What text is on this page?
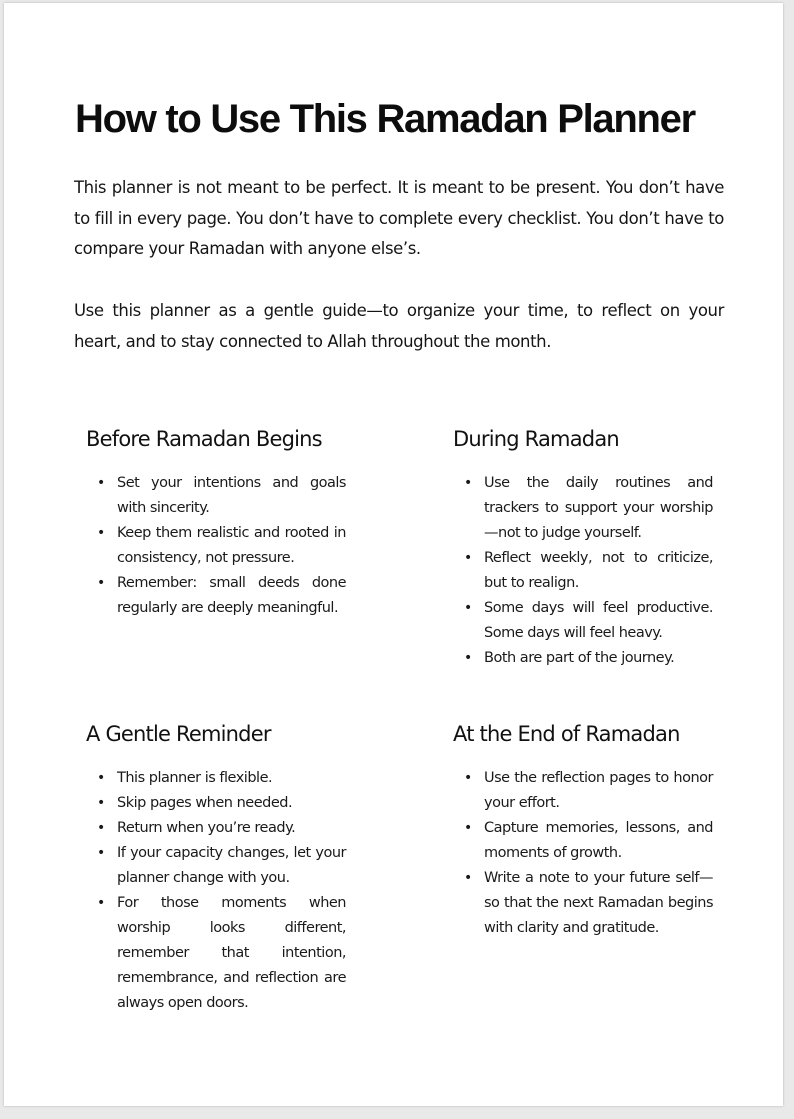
How to Use This Ramadan Planner

This planner is not meant to be perfect. It is meant to be present. You don’t have to fill in every page. You don’t have to complete every checklist. You don’t have to compare your Ramadan with anyone else’s.

Use this planner as a gentle guide—to organize your time, to reflect on your heart, and to stay connected to Allah throughout the month.

Before Ramadan Begins
• Set your intentions and goals with sincerity.
• Keep them realistic and rooted in consistency, not pressure.
• Remember: small deeds done regularly are deeply meaningful.
During Ramadan
• Use the daily routines and trackers to support your worship—not to judge yourself.
• Reflect weekly, not to criticize, but to realign.
• Some days will feel productive. Some days will feel heavy.
• Both are part of the journey.
A Gentle Reminder
• This planner is flexible.
• Skip pages when needed.
• Return when you’re ready.
• If your capacity changes, let your planner change with you.
• For those moments when worship looks different, remember that intention, remembrance, and reflection are always open doors.
At the End of Ramadan
• Use the reflection pages to honor your effort.
• Capture memories, lessons, and moments of growth.
• Write a note to your future self—so that the next Ramadan begins with clarity and gratitude.
